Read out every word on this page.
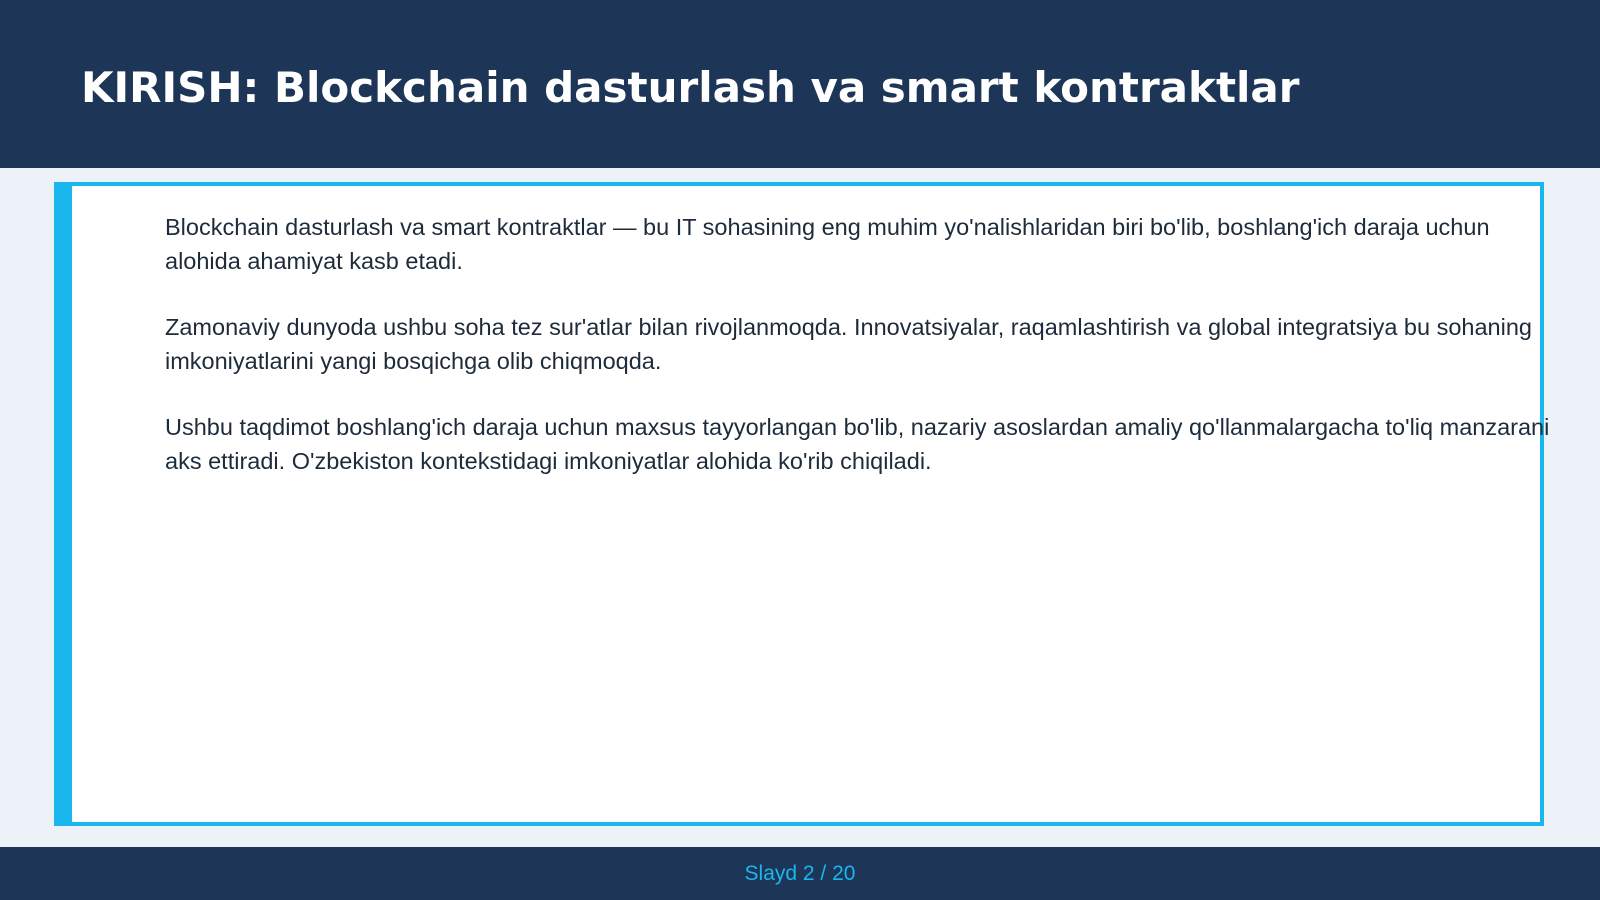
KIRISH: Blockchain dasturlash va smart kontraktlar

Blockchain dasturlash va smart kontraktlar — bu IT sohasining eng muhim yo'nalishlaridan biri bo'lib, boshlang'ich daraja uchun alohida ahamiyat kasb etadi.

Zamonaviy dunyoda ushbu soha tez sur'atlar bilan rivojlanmoqda. Innovatsiyalar, raqamlashtirish va global integratsiya bu sohaning imkoniyatlarini yangi bosqichga olib chiqmoqda.

Ushbu taqdimot boshlang'ich daraja uchun maxsus tayyorlangan bo'lib, nazariy asoslardan amaliy qo'llanmalargacha to'liq manzarani aks ettiradi. O'zbekiston kontekstidagi imkoniyatlar alohida ko'rib chiqiladi.

Slayd 2 / 20
